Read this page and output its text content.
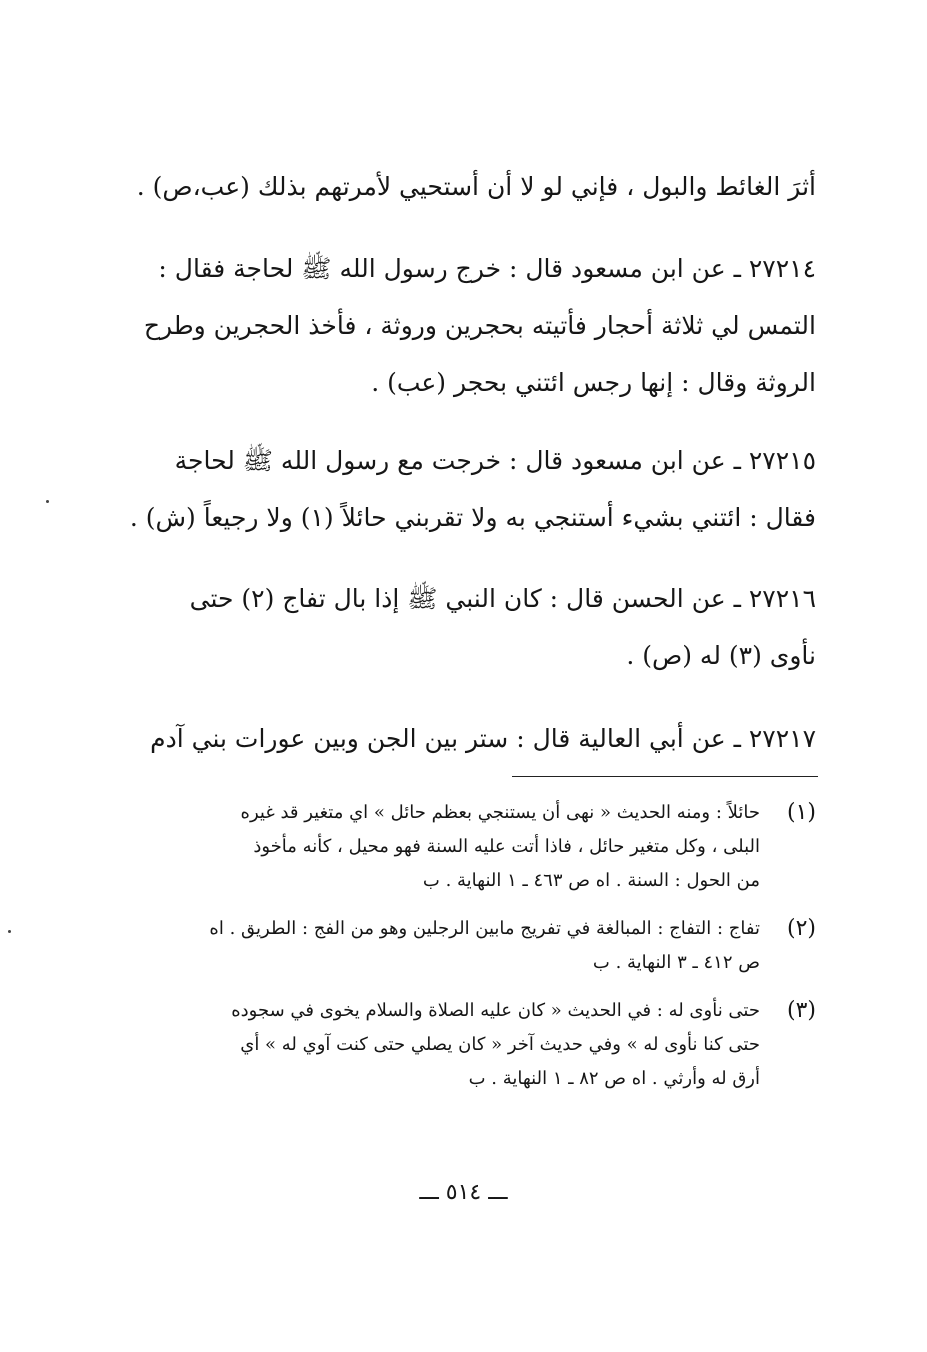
أثرَ الغائط والبول ، فإني لو لا أن أستحيي لأمرتهم بذلك (عب،ص) .
٢٧٢١٤ ـ عن ابن مسعود قال : خرج رسول الله ﷺ لحاجة فقال :
التمس لي ثلاثة أحجار فأتيته بحجرين وروثة ، فأخذ الحجرين وطرح
الروثة وقال : إنها رجس ائتني بحجر (عب) .
٢٧٢١٥ ـ عن ابن مسعود قال : خرجت مع رسول الله ﷺ لحاجة
فقال : ائتني بشيء أستنجي به ولا تقربني حائلاً (١) ولا رجيعاً (ش) .
٢٧٢١٦ ـ عن الحسن قال : كان النبي ﷺ إذا بال تفاج (٢) حتى
نأوى (٣) له (ص) .
٢٧٢١٧ ـ عن أبي العالية قال : ستر بين الجن وبين عورات بني آدم
(١)
حائلاً : ومنه الحديث « نهى أن يستنجي بعظم حائل » اي متغير قد غيره
البلى ، وكل متغير حائل ، فاذا أتت عليه السنة فهو محيل ، كأنه مأخوذ
من الحول : السنة . اه ص ٤٦٣ ـ ١ النهاية . ب
(٢)
تفاج : التفاج : المبالغة في تفريج مابين الرجلين وهو من الفج : الطريق . اه
ص ٤١٢ ـ ٣ النهاية . ب
(٣)
حتى نأوى له : في الحديث « كان عليه الصلاة والسلام يخوى في سجوده
حتى كنا نأوى له » وفي حديث آخر « كان يصلي حتى كنت آوي له » أي
أرق له وأرثي . اه ص ٨٢ ـ ١ النهاية . ب
ـــ ٥١٤ ـــ
